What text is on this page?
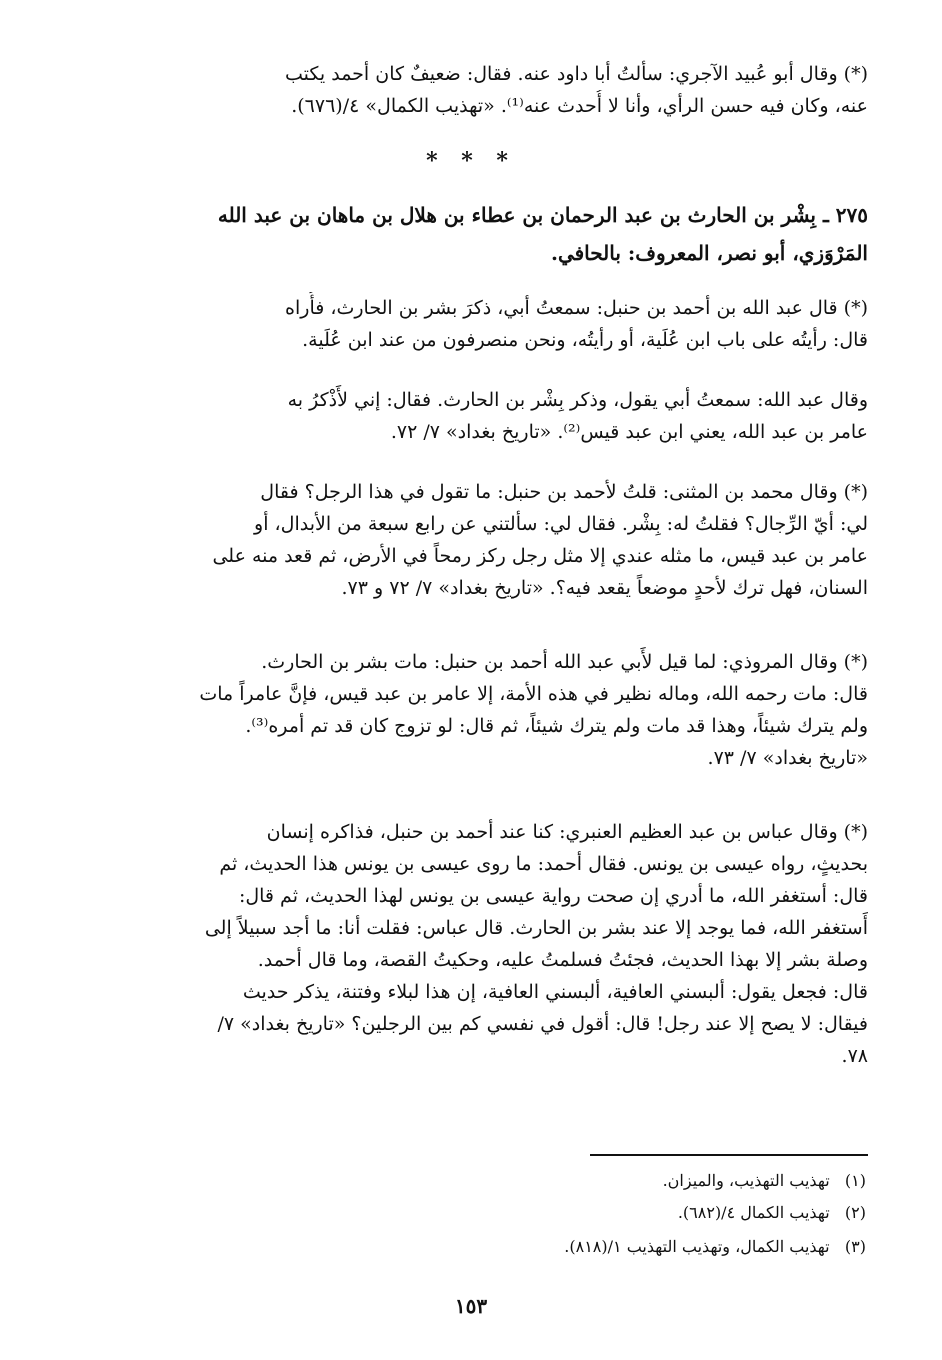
(*) وقال أبو عُبيد الآجري: سألتُ أبا داود عنه. فقال: ضعيفٌ كان أحمد يكتب
عنه، وكان فيه حسن الرأي، وأنا لا أُحدث عنه⁽¹⁾. «تهذيب الكمال» ٤/(٦٧٦).
* * *
٢٧٥ ـ بِشْر بن الحارث بن عبد الرحمان بن عطاء بن هلال بن ماهان بن عبد الله
المَرْوَزي، أبو نصر، المعروف: بالحافي.
(*) قال عبد الله بن أحمد بن حنبل: سمعتُ أبي، ذكرَ بشر بن الحارث، فأُراه
قال: رأيتُه على باب ابن عُلَية، أو رأيتُه، ونحن منصرفون من عند ابن عُلَية.
وقال عبد الله: سمعتُ أبي يقول، وذكر بِشْر بن الحارث. فقال: إني لأَذْكرُ به
عامر بن عبد الله، يعني ابن عبد قيس⁽²⁾. «تاريخ بغداد» ٧/ ٧٢.
(*) وقال محمد بن المثنى: قلتُ لأحمد بن حنبل: ما تقول في هذا الرجل؟ فقال
لي: أيّ الرِّجال؟ فقلتُ له: بِشْر. فقال لي: سألتني عن رابع سبعة من الأبدال، أو
عامر بن عبد قيس، ما مثله عندي إلا مثل رجل ركز رمحاً في الأرض، ثم قعد منه على
السنان، فهل ترك لأحدٍ موضعاً يقعد فيه؟. «تاريخ بغداد» ٧/ ٧٢ و ٧٣.
(*) وقال المروذي: لما قيل لأَبي عبد الله أحمد بن حنبل: مات بشر بن الحارث.
قال: مات رحمه الله، وماله نظير في هذه الأمة، إلا عامر بن عبد قيس، فإنَّ عامراً مات
ولم يترك شيئاً، وهذا قد مات ولم يترك شيئاً، ثم قال: لو تزوج كان قد تم أمره⁽³⁾.
«تاريخ بغداد» ٧/ ٧٣.
(*) وقال عباس بن عبد العظيم العنبري: كنا عند أحمد بن حنبل، فذاكره إنسان
بحديثٍ، رواه عيسى بن يونس. فقال أحمد: ما روى عيسى بن يونس هذا الحديث، ثم
قال: أستغفر الله، ما أدري إن صحت رواية عيسى بن يونس لهذا الحديث، ثم قال:
أَستغفر الله، فما يوجد إلا عند بشر بن الحارث. قال عباس: فقلت أنا: ما أجد سبيلاً إلى
وصلة بشر إلا بهذا الحديث، فجئتُ فسلمتُ عليه، وحكيتُ القصة، وما قال أحمد.
قال: فجعل يقول: ألبسني العافية، ألبسني العافية، إن هذا لبلاء وفتنة، يذكر حديث
فيقال: لا يصح إلا عند رجل! قال: أقول في نفسي كم بين الرجلين؟ «تاريخ بغداد» ٧/
٧٨.
(١)   تهذيب التهذيب، والميزان.
(٢)   تهذيب الكمال ٤/(٦٨٢).
(٣)   تهذيب الكمال، وتهذيب التهذيب ١/(٨١٨).
١٥٣
